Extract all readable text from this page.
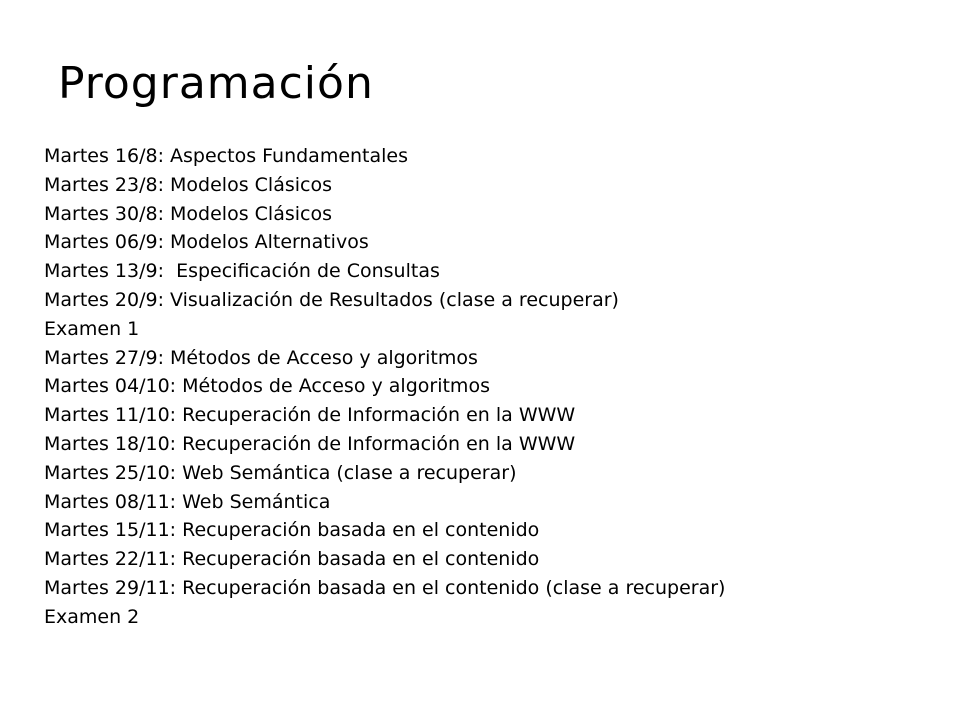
Programación
Martes 16/8: Aspectos Fundamentales
Martes 23/8: Modelos Clásicos
Martes 30/8: Modelos Clásicos
Martes 06/9: Modelos Alternativos
Martes 13/9:  Especificación de Consultas
Martes 20/9: Visualización de Resultados (clase a recuperar)
Examen 1
Martes 27/9: Métodos de Acceso y algoritmos
Martes 04/10: Métodos de Acceso y algoritmos
Martes 11/10: Recuperación de Información en la WWW
Martes 18/10: Recuperación de Información en la WWW
Martes 25/10: Web Semántica (clase a recuperar)
Martes 08/11: Web Semántica
Martes 15/11: Recuperación basada en el contenido
Martes 22/11: Recuperación basada en el contenido
Martes 29/11: Recuperación basada en el contenido (clase a recuperar)
Examen 2
